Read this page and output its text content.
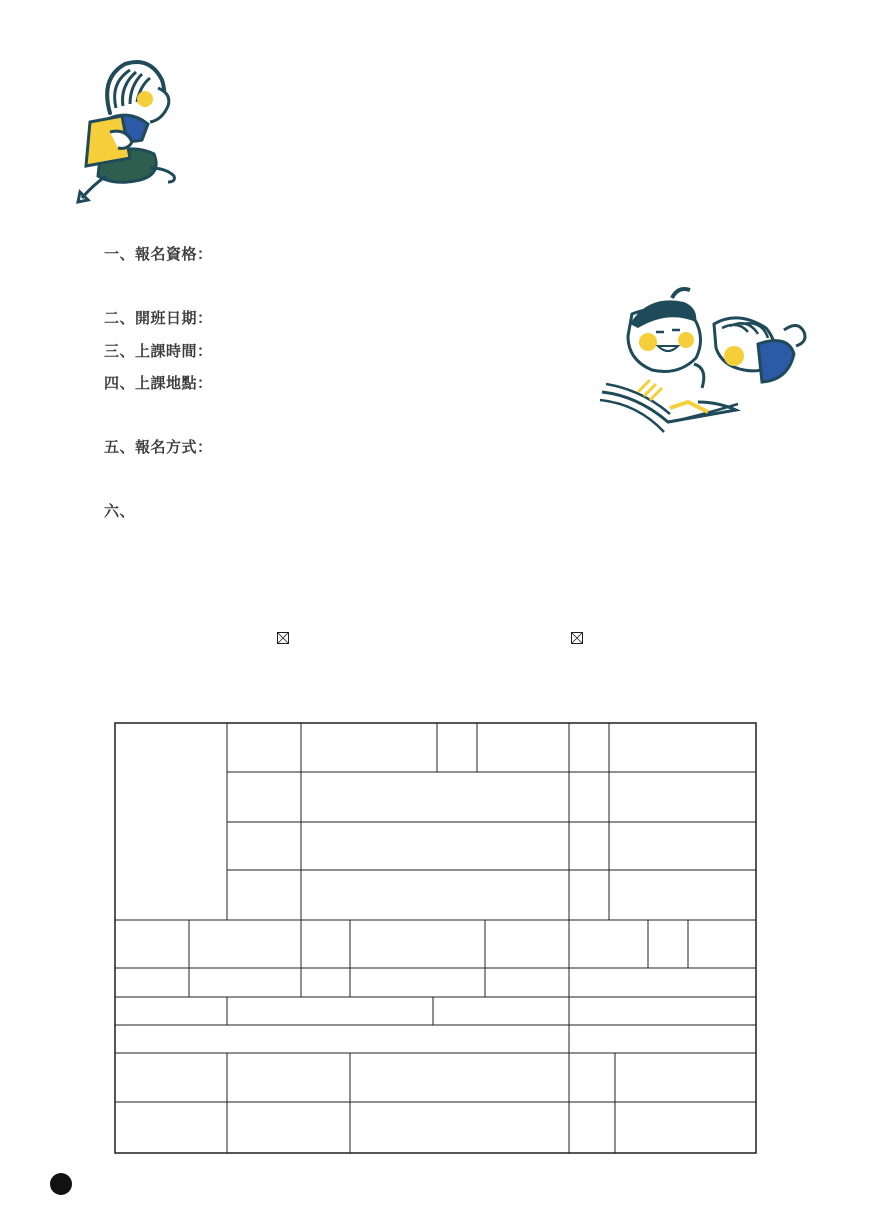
一、報名資格：
二、開班日期：
三、上課時間：
四、上課地點：
五、報名方式：
六、
